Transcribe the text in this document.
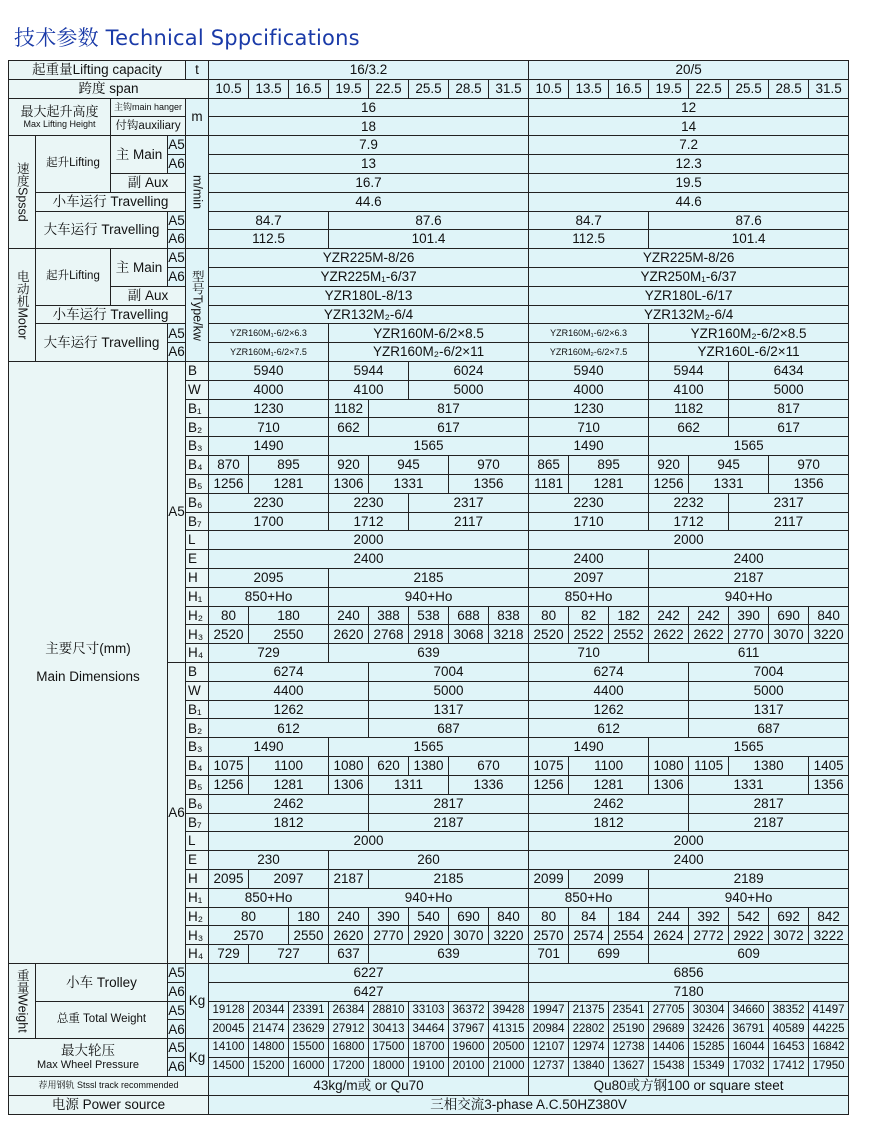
技术参数 Technical Sppcifications
起重量Lifting capacity				t	16/3.2								20/5							
跨度 span					10.5	13.5	16.5	19.5	22.5	25.5	28.5	31.5	10.5	13.5	16.5	19.5	22.5	25.5	28.5	31.5

最大起升高度
Max Lifting Height		主钩main hanger		m	16								12							
		付钩auxiliary			18								14							
速度Spssd	起升Lifting	主 Main	A5	m/min	7.9								7.2							
			A6		13								12.3							
		副 Aux			16.7								19.5							
	小车运行 Travelling				44.6								44.6							
	大车运行 Travelling		A5		84.7			87.6					84.7			87.6				
			A6		112.5			101.4					112.5			101.4				
电动机Motor	起升Lifting	主 Main	A5	型号Type/kw	YZR225M-8/26								YZR225M-8/26							
			A6		YZR225M₁-6/37								YZR250M₁-6/37							
		副 Aux			YZR180L-8/13								YZR180L-6/17							
	小车运行 Travelling				YZR132M₂-6/4								YZR132M₂-6/4							
	大车运行 Travelling		A5		YZR160M₁-6/2×6.3			YZR160M-6/2×8.5					YZR160M₁-6/2×6.3			YZR160M₂-6/2×8.5				
			A6		YZR160M₁-6/2×7.5			YZR160M₂-6/2×11					YZR160M₂-6/2×7.5			YZR160L-6/2×11				

主要尺寸(mm)
Main Dimensions			A5	B	5940			5944		6024			5940			5944		6434		
				W	4000			4100		5000			4000			4100		5000		
				B₁	1230			1182	817				1230			1182		817		
				B₂	710			662	617				710			662		617		
				B₃	1490			1565					1490			1565				
				B₄	870	895		920	945		970		865	895		920	945		970	
				B₅	1256	1281		1306	1331		1356		1181	1281		1256	1331		1356	
				B₆	2230			2230		2317			2230			2232		2317		
				B₇	1700			1712		2117			1710			1712		2117		
				L	2000								2000							
				E	2400								2400			2400				
				H	2095			2185					2097			2187				
				H₁	850+Ho			940+Ho					850+Ho			940+Ho				
				H₂	80	180		240	388	538	688	838	80	82	182	242	242	390	690	840
				H₃	2520	2550		2620	2768	2918	3068	3218	2520	2522	2552	2622	2622	2770	3070	3220
				H₄	729			639					710			611				
			A6	B	6274				7004				6274				7004			
				W	4400				5000				4400				5000			
				B₁	1262				1317				1262				1317			
				B₂	612				687				612				687			
				B₃	1490			1565					1490			1565				
				B₄	1075	1100		1080	620	1380	670		1075	1100		1080	1105	1380		1405
				B₅	1256	1281		1306	1311		1336		1256	1281		1306	1331			1356
				B₆	2462				2817				2462				2817			
				B₇	1812				2187				1812				2187			
				L	2000								2000							
				E	230			260					2400							
				H	2095	2097		2187	2185				2099	2099		2189				
				H₁	850+Ho			940+Ho					850+Ho			940+Ho				
				H₂	80		180	240	390	540	690	840	80	84	184	244	392	542	692	842
				H₃	2570		2550	2620	2770	2920	3070	3220	2570	2574	2554	2624	2772	2922	3072	3222
				H₄	729	727		637	639				701	699		609				
重量Weight	小车 Trolley		A5	Kg	6227								6856							
			A6		6427								7180							
	总重 Total Weight		A5		19128	20344	23391	26384	28810	33103	36372	39428	19947	21375	23541	27705	30304	34660	38352	41497
			A6		20045	21474	23629	27912	30413	34464	37967	41315	20984	22802	25190	29689	32426	36791	40589	44225

最大轮压
Max Wheel Pressure			A5	Kg	14100	14800	15500	16800	17500	18700	19600	20500	12107	12974	12738	14406	15285	16044	16453	16842
			A6		14500	15200	16000	17200	18000	19100	20100	21000	12737	13840	13627	15438	15349	17032	17412	17950
荐用钢轨 Stssl track recommended					43kg/m或 or Qu70								Qu80或方钢100 or square steet							
电源 Power source					三相交流3-phase A.C.50HZ380V															
